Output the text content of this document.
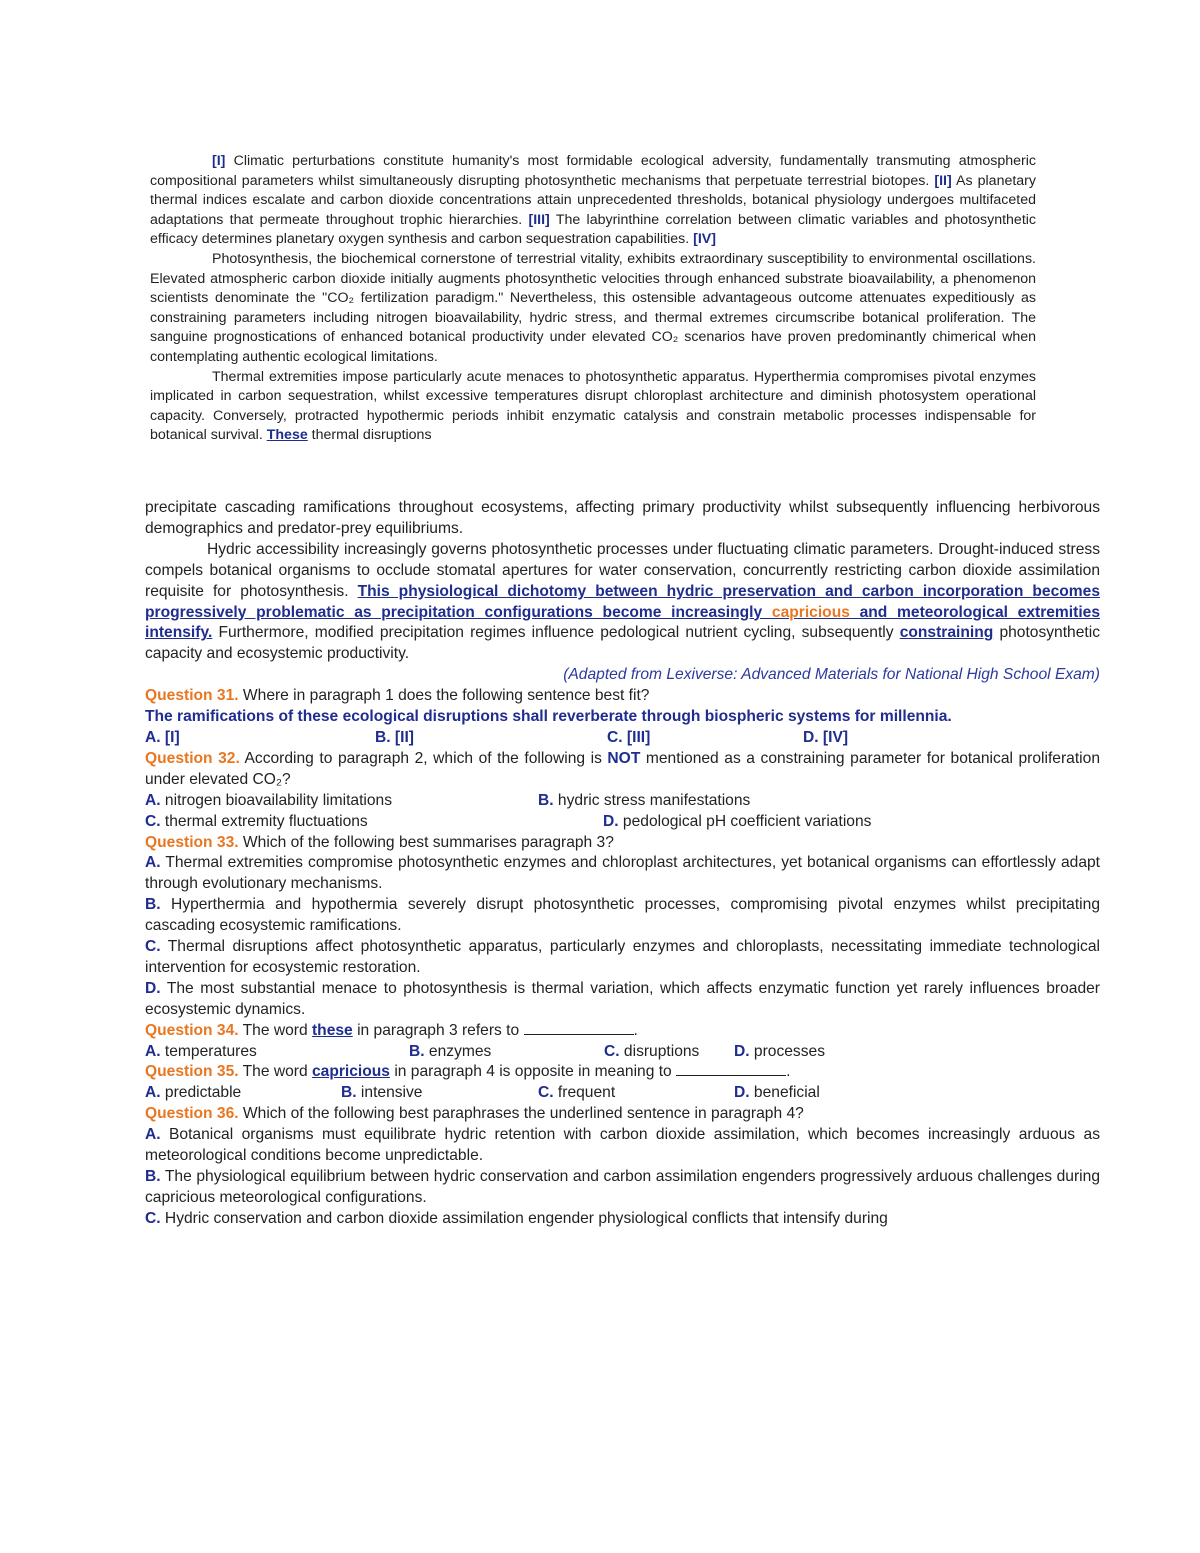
[I] Climatic perturbations constitute humanity's most formidable ecological adversity, fundamentally transmuting atmospheric compositional parameters whilst simultaneously disrupting photosynthetic mechanisms that perpetuate terrestrial biotopes. [II] As planetary thermal indices escalate and carbon dioxide concentrations attain unprecedented thresholds, botanical physiology undergoes multifaceted adaptations that permeate throughout trophic hierarchies. [III] The labyrinthine correlation between climatic variables and photosynthetic efficacy determines planetary oxygen synthesis and carbon sequestration capabilities. [IV]

Photosynthesis, the biochemical cornerstone of terrestrial vitality, exhibits extraordinary susceptibility to environmental oscillations. Elevated atmospheric carbon dioxide initially augments photosynthetic velocities through enhanced substrate bioavailability, a phenomenon scientists denominate the "CO₂ fertilization paradigm." Nevertheless, this ostensible advantageous outcome attenuates expeditiously as constraining parameters including nitrogen bioavailability, hydric stress, and thermal extremes circumscribe botanical proliferation. The sanguine prognostications of enhanced botanical productivity under elevated CO₂ scenarios have proven predominantly chimerical when contemplating authentic ecological limitations.

Thermal extremities impose particularly acute menaces to photosynthetic apparatus. Hyperthermia compromises pivotal enzymes implicated in carbon sequestration, whilst excessive temperatures disrupt chloroplast architecture and diminish photosystem operational capacity. Conversely, protracted hypothermic periods inhibit enzymatic catalysis and constrain metabolic processes indispensable for botanical survival. These thermal disruptions

precipitate cascading ramifications throughout ecosystems, affecting primary productivity whilst subsequently influencing herbivorous demographics and predator-prey equilibriums.

Hydric accessibility increasingly governs photosynthetic processes under fluctuating climatic parameters. Drought-induced stress compels botanical organisms to occlude stomatal apertures for water conservation, concurrently restricting carbon dioxide assimilation requisite for photosynthesis. This physiological dichotomy between hydric preservation and carbon incorporation becomes progressively problematic as precipitation configurations become increasingly capricious and meteorological extremities intensify. Furthermore, modified precipitation regimes influence pedological nutrient cycling, subsequently constraining photosynthetic capacity and ecosystemic productivity.

(Adapted from Lexiverse: Advanced Materials for National High School Exam)

Question 31. Where in paragraph 1 does the following sentence best fit?

The ramifications of these ecological disruptions shall reverberate through biospheric systems for millennia.

A. [I]	B. [II]	C. [III]	D. [IV]

Question 32. According to paragraph 2, which of the following is NOT mentioned as a constraining parameter for botanical proliferation under elevated CO₂?

A. nitrogen bioavailability limitations	B. hydric stress manifestations
C. thermal extremity fluctuations	D. pedological pH coefficient variations

Question 33. Which of the following best summarises paragraph 3?

A. Thermal extremities compromise photosynthetic enzymes and chloroplast architectures, yet botanical organisms can effortlessly adapt through evolutionary mechanisms.

B. Hyperthermia and hypothermia severely disrupt photosynthetic processes, compromising pivotal enzymes whilst precipitating cascading ecosystemic ramifications.

C. Thermal disruptions affect photosynthetic apparatus, particularly enzymes and chloroplasts, necessitating immediate technological intervention for ecosystemic restoration.

D. The most substantial menace to photosynthesis is thermal variation, which affects enzymatic function yet rarely influences broader ecosystemic dynamics.

Question 34. The word these in paragraph 3 refers to	.

A. temperatures	B. enzymes	C. disruptions	D. processes

Question 35. The word capricious in paragraph 4 is opposite in meaning to	.

A. predictable	B. intensive	C. frequent	D. beneficial

Question 36. Which of the following best paraphrases the underlined sentence in paragraph 4?

A. Botanical organisms must equilibrate hydric retention with carbon dioxide assimilation, which becomes increasingly arduous as meteorological conditions become unpredictable.

B. The physiological equilibrium between hydric conservation and carbon assimilation engenders progressively arduous challenges during capricious meteorological configurations.

C. Hydric conservation and carbon dioxide assimilation engender physiological conflicts that intensify during
